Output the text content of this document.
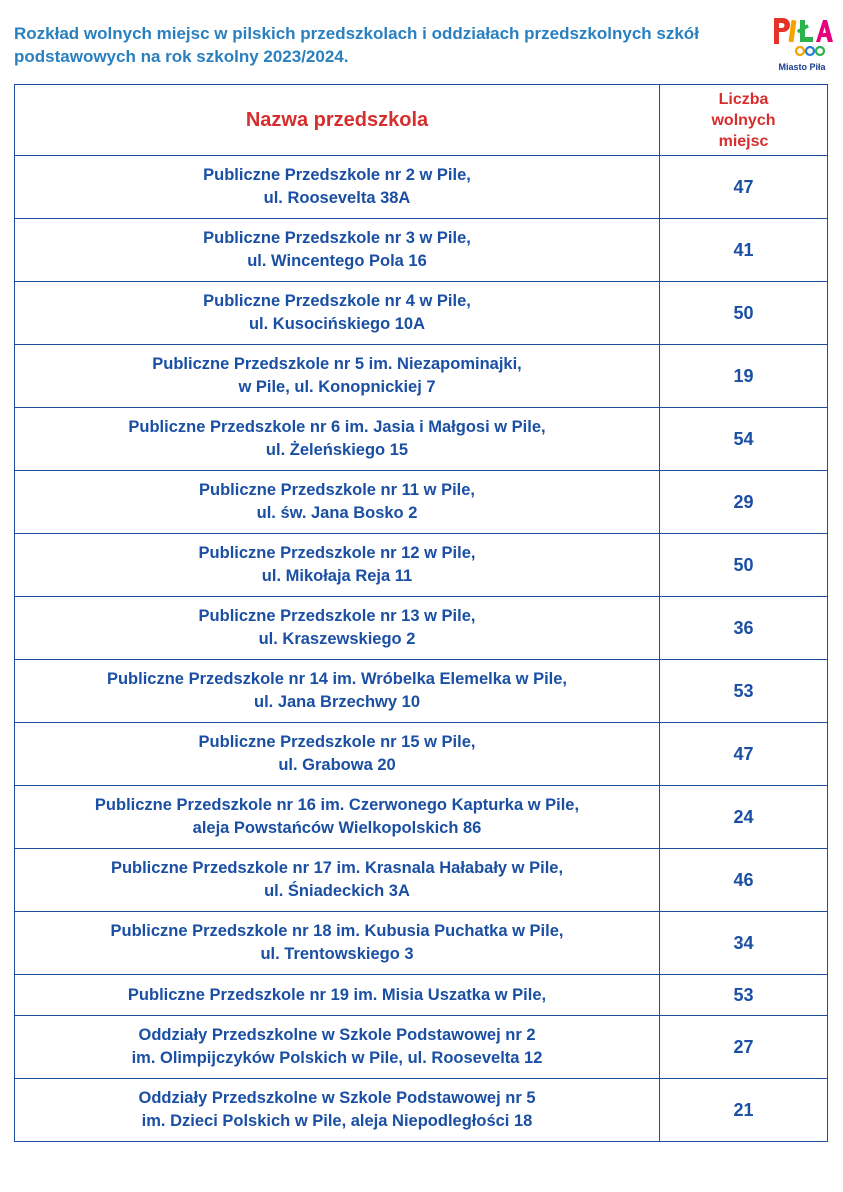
Rozkład wolnych miejsc w pilskich przedszkolach i oddziałach przedszkolnych szkół podstawowych na rok szkolny 2023/2024.
Miasto Piła
Nazwa przedszkola	Liczba
wolnych
miejsc
Publiczne Przedszkole nr 2 w Pile,
ul. Roosevelta 38A	47
Publiczne Przedszkole nr 3 w Pile,
ul. Wincentego Pola 16	41
Publiczne Przedszkole nr 4 w Pile,
ul. Kusocińskiego 10A	50
Publiczne Przedszkole nr 5 im. Niezapominajki,
w Pile, ul. Konopnickiej 7	19
Publiczne Przedszkole nr 6 im. Jasia i Małgosi w Pile,
ul. Żeleńskiego 15	54
Publiczne Przedszkole nr 11 w Pile,
ul. św. Jana Bosko 2	29
Publiczne Przedszkole nr 12 w Pile,
ul. Mikołaja Reja 11	50
Publiczne Przedszkole nr 13 w Pile,
ul. Kraszewskiego 2	36
Publiczne Przedszkole nr 14 im. Wróbelka Elemelka w Pile,
ul. Jana Brzechwy 10	53
Publiczne Przedszkole nr 15 w Pile,
ul. Grabowa 20	47
Publiczne Przedszkole nr 16 im. Czerwonego Kapturka w Pile,
aleja Powstańców Wielkopolskich 86	24
Publiczne Przedszkole nr 17 im. Krasnala Hałabały w Pile,
ul. Śniadeckich 3A	46
Publiczne Przedszkole nr 18 im. Kubusia Puchatka w Pile,
ul. Trentowskiego 3	34
Publiczne Przedszkole nr 19 im. Misia Uszatka w Pile,	53
Oddziały Przedszkolne w Szkole Podstawowej nr 2
im. Olimpijczyków Polskich w Pile, ul. Roosevelta 12	27
Oddziały Przedszkolne w Szkole Podstawowej nr 5
im. Dzieci Polskich w Pile, aleja Niepodległości 18	21
